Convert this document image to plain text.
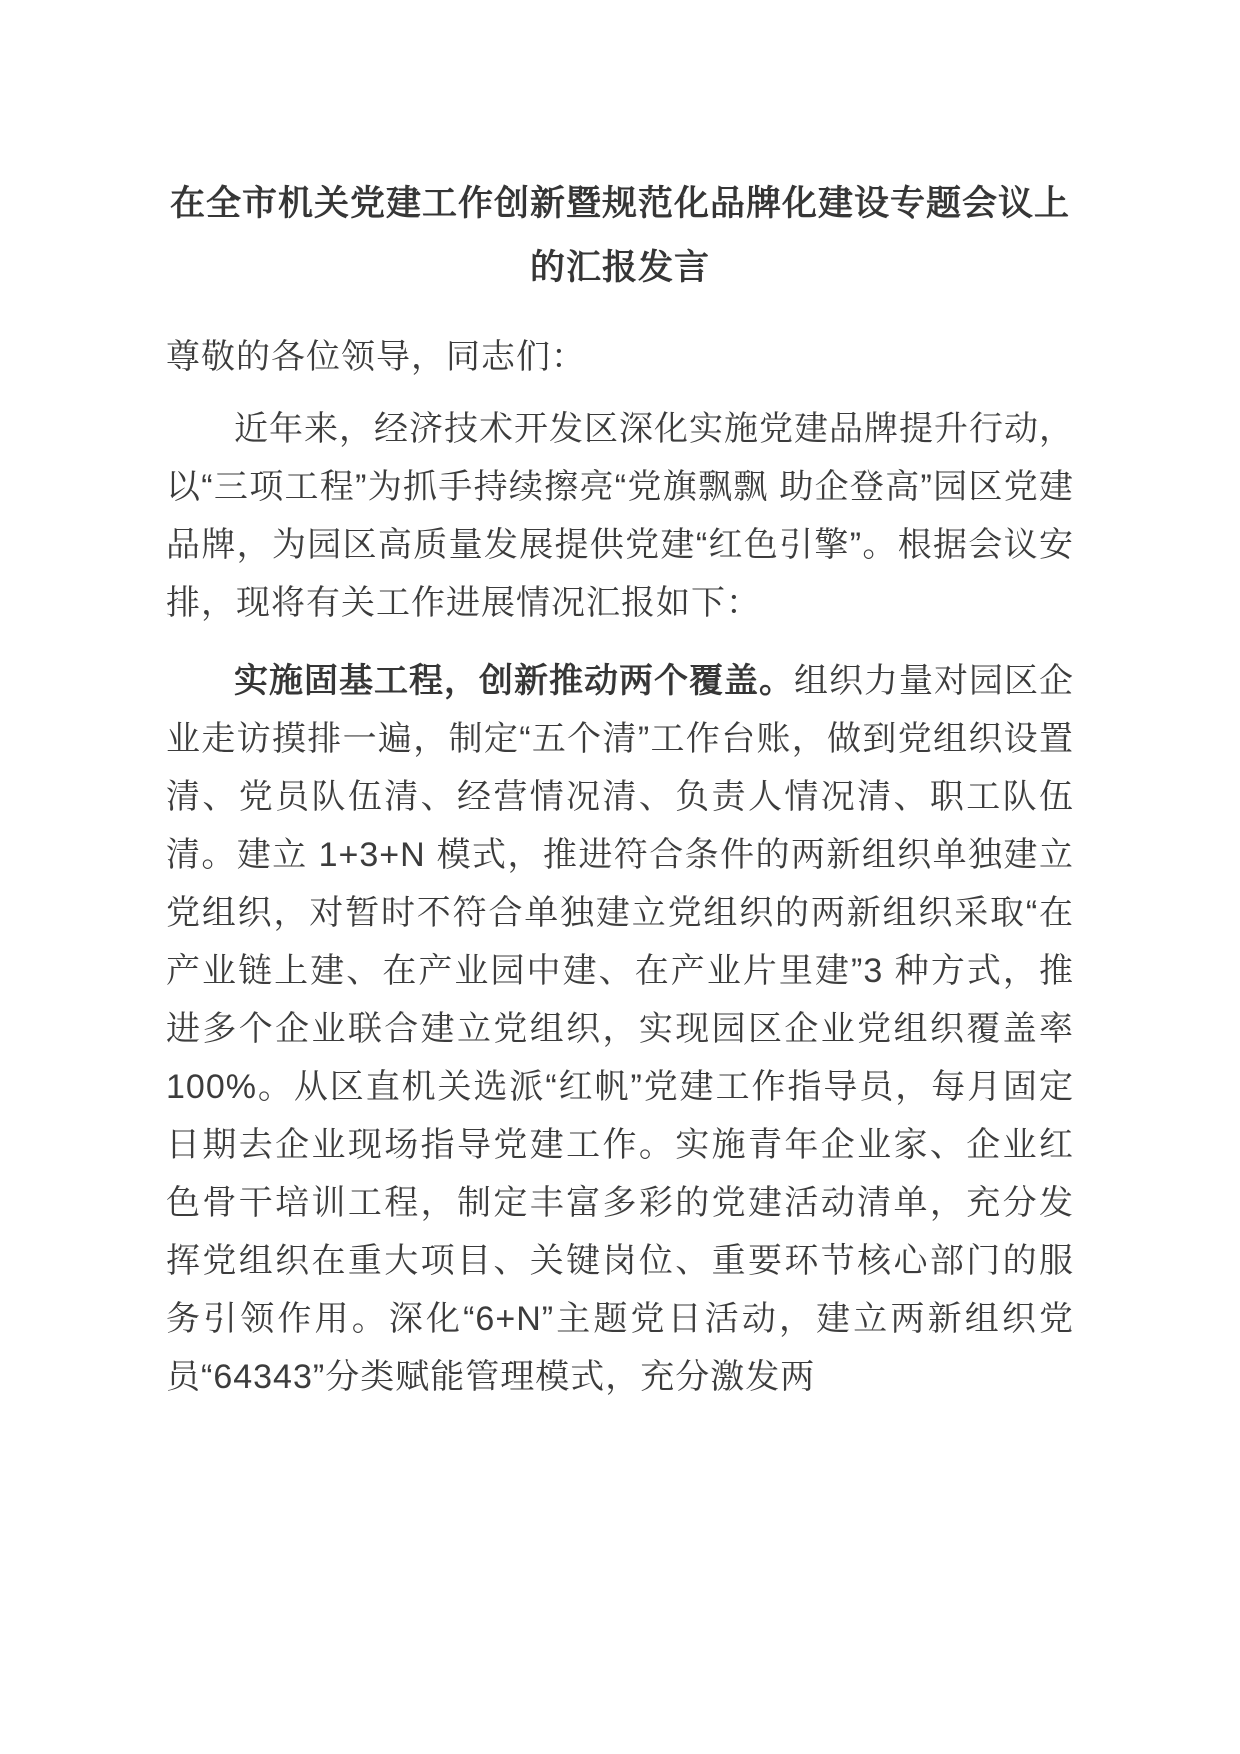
在全市机关党建工作创新暨规范化品牌化建设专题会议上
的汇报发言

尊敬的各位领导，同志们：

近年来，经济技术开发区深化实施党建品牌提升行动，以“三项工程”为抓手持续擦亮“党旗飘飘 助企登高”园区党建品牌，为园区高质量发展提供党建“红色引擎”。根据会议安排，现将有关工作进展情况汇报如下：

实施固基工程，创新推动两个覆盖。组织力量对园区企业走访摸排一遍，制定“五个清”工作台账，做到党组织设置清、党员队伍清、经营情况清、负责人情况清、职工队伍清。建立 1+3+N 模式，推进符合条件的两新组织单独建立党组织，对暂时不符合单独建立党组织的两新组织采取“在产业链上建、在产业园中建、在产业片里建”3 种方式，推进多个企业联合建立党组织，实现园区企业党组织覆盖率 100%。从区直机关选派“红帆”党建工作指导员，每月固定日期去企业现场指导党建工作。实施青年企业家、企业红色骨干培训工程，制定丰富多彩的党建活动清单，充分发挥党组织在重大项目、关键岗位、重要环节核心部门的服务引领作用。深化“6+N”主题党日活动，建立两新组织党员“64343”分类赋能管理模式，充分激发两
